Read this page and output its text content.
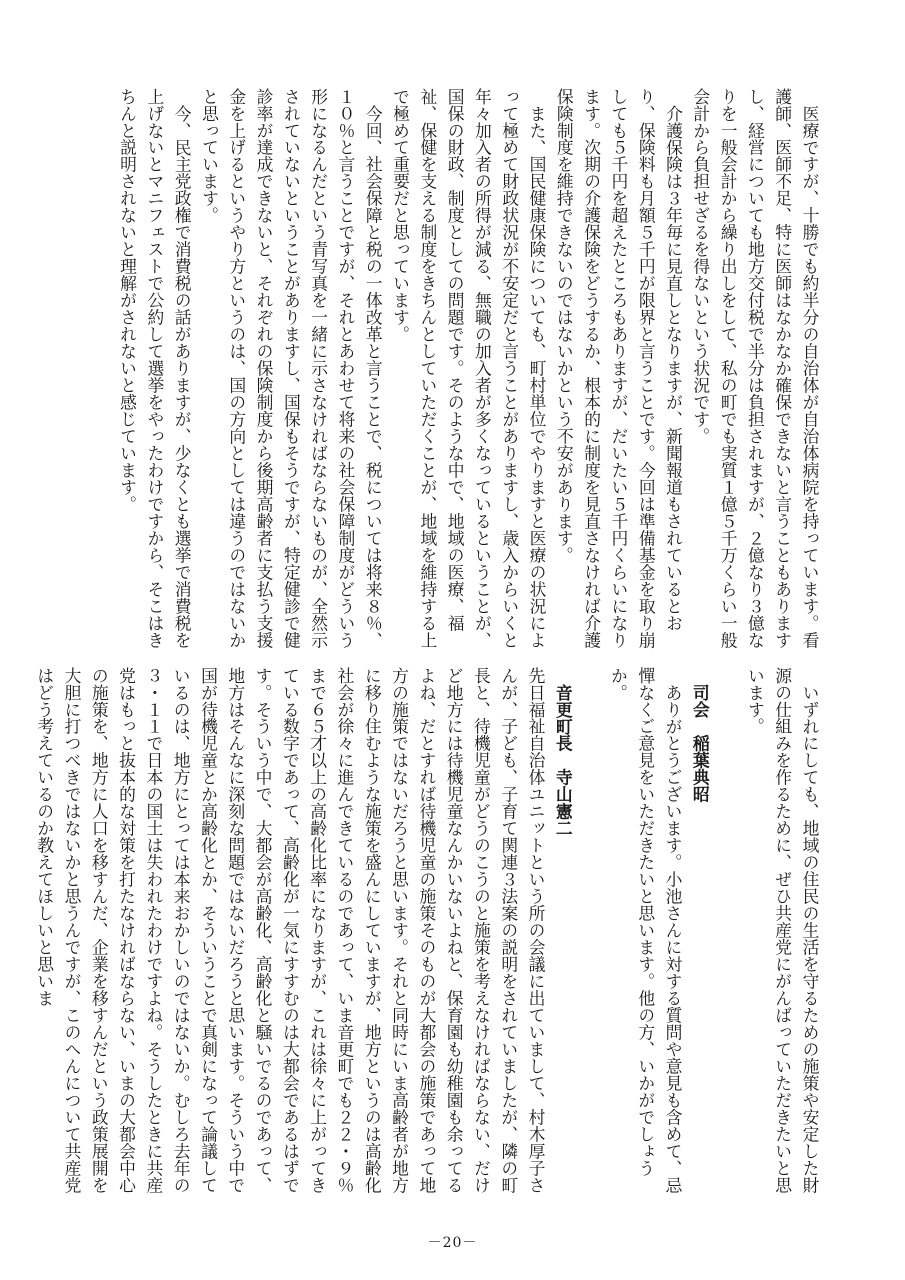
医療ですが、十勝でも約半分の自治体が自治体病院を持っています。看護師、医師不足、特に医師はなかなか確保できないと言うこともありますし、経営についても地方交付税で半分は負担されますが、２億なり３億なりを一般会計から繰り出しをして、私の町でも実質１億５千万くらい一般会計から負担せざるを得ないという状況です。

介護保険は３年毎に見直しとなりますが、新聞報道もされているとおり、保険料も月額５千円が限界と言うことです。今回は準備基金を取り崩しても５千円を超えたところもありますが、だいたい５千円くらいになります。次期の介護保険をどうするか、根本的に制度を見直さなければ介護保険制度を維持できないのではないかという不安があります。

また、国民健康保険についても、町村単位でやりますと医療の状況によって極めて財政状況が不安定だと言うことがありますし、歳入からいくと年々加入者の所得が減る、無職の加入者が多くなっているということが、国保の財政、制度としての問題です。そのような中で、地域の医療、福祉、保健を支える制度をきちんとしていただくことが、地域を維持する上で極めて重要だと思っています。

今回、社会保障と税の一体改革と言うことで、税については将来８％、１０％と言うことですが、それとあわせて将来の社会保障制度がどういう形になるんだという青写真を一緒に示さなければならないものが、全然示されていないということがありますし、国保もそうですが、特定健診で健診率が達成できないと、それぞれの保険制度から後期高齢者に支払う支援金を上げるというやり方というのは、国の方向としては違うのではないかと思っています。

今、民主党政権で消費税の話がありますが、少なくとも選挙で消費税を上げないとマニフェストで公約して選挙をやったわけですから、そこはきちんと説明されないと理解がされないと感じています。

いずれにしても、地域の住民の生活を守るための施策や安定した財源の仕組みを作るために、ぜひ共産党にがんばっていただきたいと思います。

司会　稲葉典昭

ありがとうございます。小池さんに対する質問や意見も含めて、忌憚なくご意見をいただきたいと思います。他の方、いかがでしょうか。

音更町長　寺山憲二

先日福祉自治体ユニットという所の会議に出ていまして、村木厚子さんが、子ども、子育て関連３法案の説明をされていましたが、隣の町長と、待機児童がどうのこうのと施策を考えなければならない、だけど地方には待機児童なんかいないよねと、保育園も幼稚園も余ってるよね、だとすれば待機児童の施策そのものが大都会の施策であって地方の施策ではないだろうと思います。それと同時にいま高齢者が地方に移り住むような施策を盛んにしていますが、地方というのは高齢化社会が徐々に進んできているのであって、いま音更町でも２２・９％まで６５才以上の高齢化比率になりますが、これは徐々に上がってきている数字であって、高齢化が一気にすすむのは大都会であるはずです。そういう中で、大都会が高齢化、高齢化と騒いでるのであって、地方はそんなに深刻な問題ではないだろうと思います。そういう中で国が待機児童とか高齢化とか、そういうことで真剣になって論議しているのは、地方にとっては本来おかしいのではないか。むしろ去年の３・１１で日本の国土は失われたわけですよね。そうしたときに共産党はもっと抜本的な対策を打たなければならない、いまの大都会中心の施策を、地方に人口を移すんだ、企業を移すんだという政策展開を大胆に打つべきではないかと思うんですが、このへんについて共産党はどう考えているのか教えてほしいと思いま

－20－
